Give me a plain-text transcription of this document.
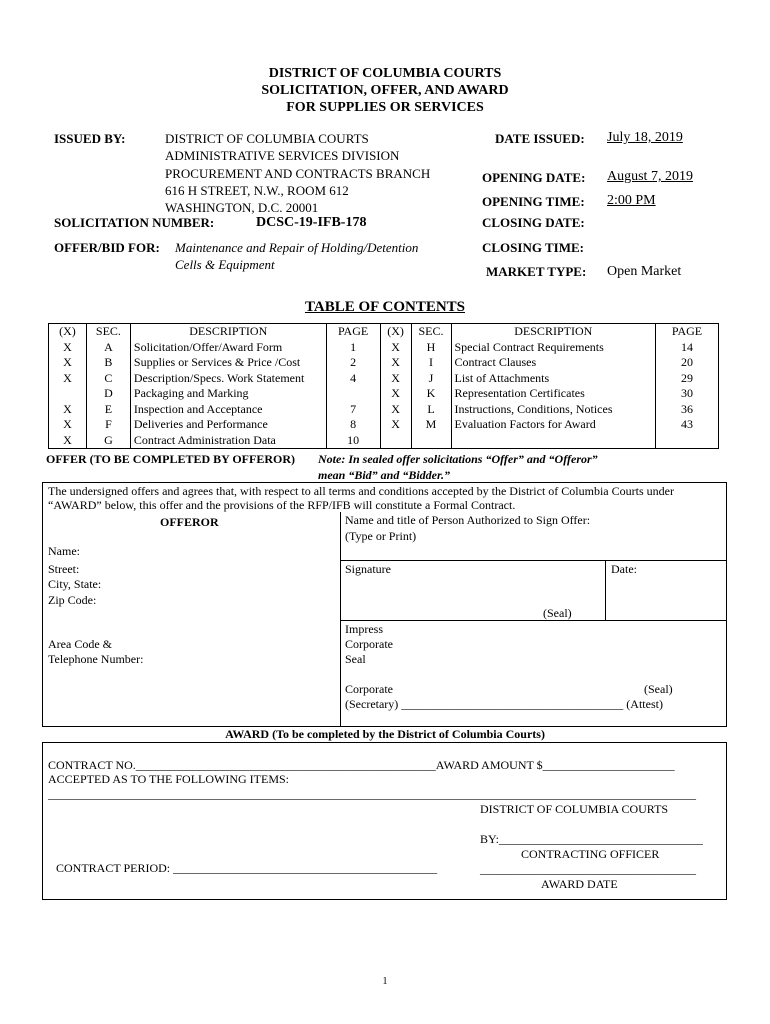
DISTRICT OF COLUMBIA COURTS
SOLICITATION, OFFER, AND AWARD
FOR SUPPLIES OR SERVICES
ISSUED BY:	DISTRICT OF COLUMBIA COURTS
ADMINISTRATIVE SERVICES DIVISION
PROCUREMENT AND CONTRACTS BRANCH
616 H STREET, N.W., ROOM 612
WASHINGTON, D.C. 20001
SOLICITATION NUMBER:	DCSC-19-IFB-178
OFFER/BID FOR: Maintenance and Repair of Holding/Detention
Cells & Equipment
DATE ISSUED: July 18, 2019
OPENING DATE: August 7, 2019
OPENING TIME: 2:00 PM
CLOSING DATE:
CLOSING TIME:
MARKET TYPE: Open Market
TABLE OF CONTENTS
(X)	SEC.	DESCRIPTION	PAGE	(X)	SEC.	DESCRIPTION	PAGE
X	A	Solicitation/Offer/Award Form	1	X	H	Special Contract Requirements	14
X	B	Supplies or Services & Price /Cost	2	X	I	Contract Clauses	20
X	C	Description/Specs. Work Statement	4	X	J	List of Attachments	29
	D	Packaging and Marking		X	K	Representation Certificates	30
X	E	Inspection and Acceptance	7	X	L	Instructions, Conditions, Notices	36
X	F	Deliveries and Performance	8	X	M	Evaluation Factors for Award	43
X	G	Contract Administration Data	10				
OFFER (TO BE COMPLETED BY OFFEROR) Note: In sealed offer solicitations “Offer” and “Offeror”
mean “Bid” and “Bidder.”
The undersigned offers and agrees that, with respect to all terms and conditions accepted by the District of Columbia Courts under
“AWARD” below, this offer and the provisions of the RFP/IFB will constitute a Formal Contract.
OFFEROR	Name and title of Person Authorized to Sign Offer:
(Type or Print)
Name:
Street:
City, State:
Zip Code:
Signature	Date:
(Seal)
Area Code &
Telephone Number:
Impress
Corporate
Seal
Corporate	(Seal)
(Secretary) _____________________________________ (Attest)
AWARD (To be completed by the District of Columbia Courts)
CONTRACT NO.__________________________________________________AWARD AMOUNT $______________________
ACCEPTED AS TO THE FOLLOWING ITEMS:
____________________________________________________________________________________________________________
DISTRICT OF COLUMBIA COURTS
BY:__________________________________
CONTRACTING OFFICER
CONTRACT PERIOD: ____________________________________________	____________________________________
AWARD DATE
1
